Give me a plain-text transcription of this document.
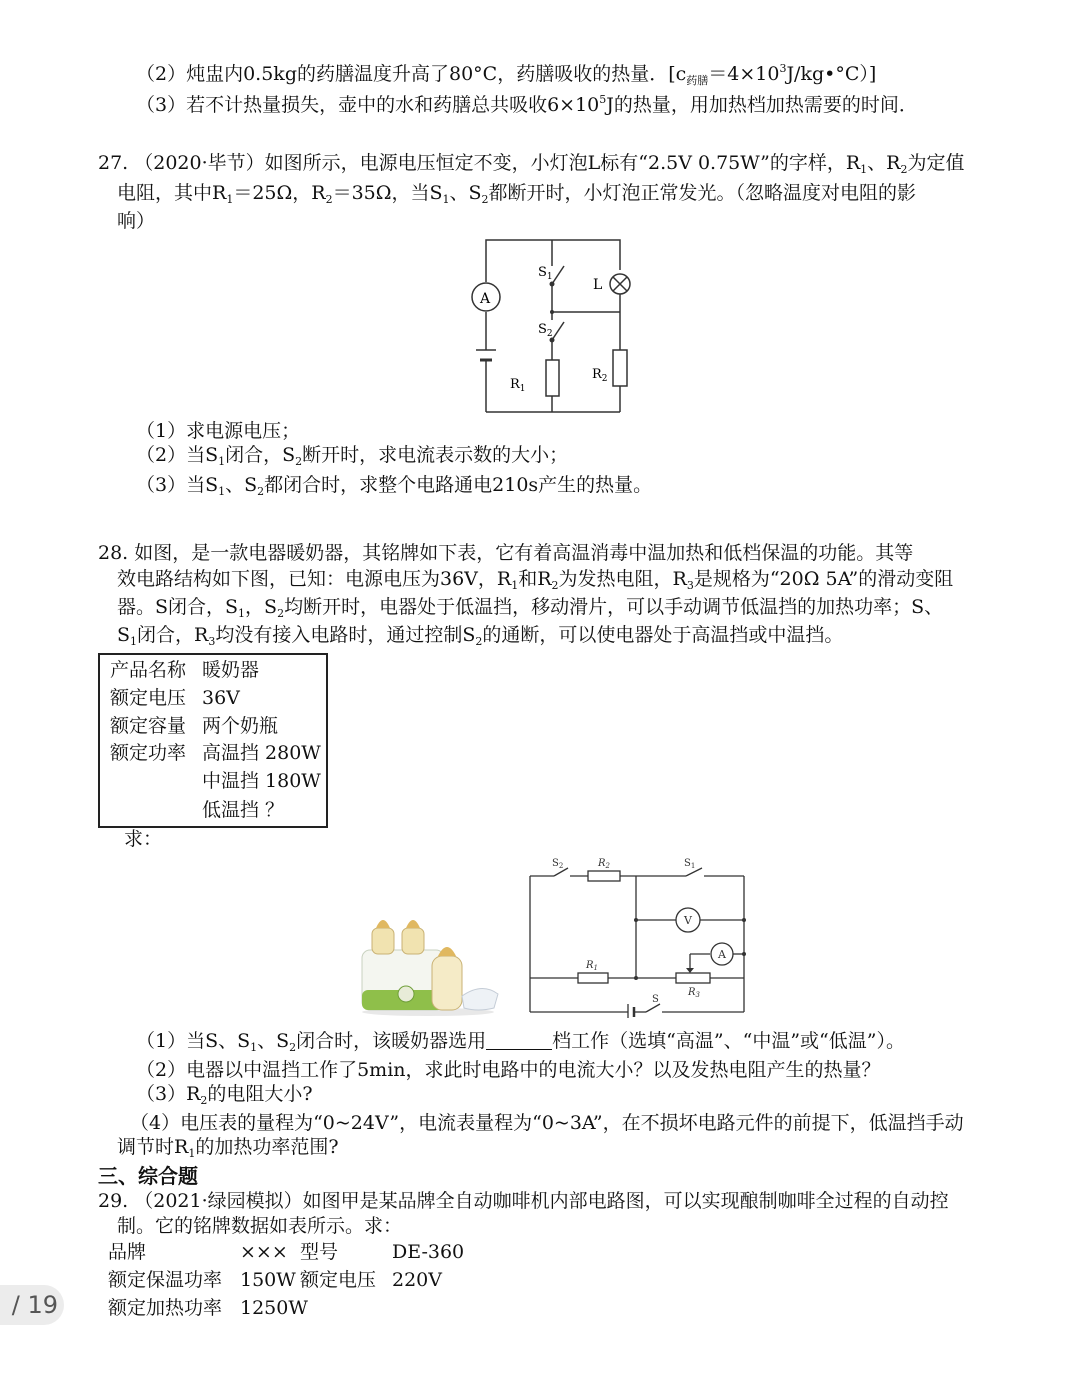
（2）炖盅内0.5kg的药膳温度升高了80°C，药膳吸收的热量．$[c_{药膳}=4\times 10^3J/kg•^\circ C)$]
（3）若不计热量损失，壶中的水和药膳总共吸收$6\times 10^5J$的热量，用加热档加热需要的时间．
27. （2020·毕节）如图所示，电源电压恒定不变，小灯泡L标有“2.5V 0.75W”的字样，$R_1$、$R_2$为定值
电阻，其中$R_1=25\Omega$，$R_2=35\Omega$，当$S_1$、$S_2$都断开时，小灯泡正常发光。（忽略温度对电阻的影
响）
A
$S_1$	L
$S_2$
$R_1$
$R_2$
（1）求电源电压；
（2）当$S_1$闭合，$S_2$断开时，求电流表示数的大小；
（3）当$S_1$、$S_2$都闭合时，求整个电路通电210s产生的热量。
28. 如图，是一款电器暖奶器，其铭牌如下表，它有着高温消毒中温加热和低档保温的功能。其等
效电路结构如下图，已知：电源电压为36V，$R_1$和$R_2$为发热电阻，$R_3$是规格为“20Ω 5A”的滑动变阻
器。S闭合，$S_1$，$S_2$均断开时，电器处于低温挡，移动滑片，可以手动调节低温挡的加热功率；S、
$S_1$闭合，$R_3$均没有接入电路时，通过控制$S_2$的通断，可以使电器处于高温挡或中温挡。
产品名称 暖奶器
额定电压 36V
额定容量 两个奶瓶
额定功率 高温挡 280W
中温挡 180W
低温挡 ？
求：
$S_2$	$R_2$	$S_1$
V
A
$R_1$
$R_3$
S
（1）当S、$S_1$、$S_2$闭合时，该暖奶器选用	档工作（选填“高温”、“中温”或“低温”）。
（2）电器以中温挡工作了5min，求此时电路中的电流大小？以及发热电阻产生的热量？
$(3)R_2$的电阻大小?
（4）电压表的量程为“0~24V”，电流表量程为“0~3A”，在不损坏电路元件的前提下，低温挡手动
调节时$R_1$的加热功率范围?
三、综合题
29. （2021·绿园模拟）如图甲是某品牌全自动咖啡机内部电路图，可以实现酿制咖啡全过程的自动控
制。它的铭牌数据如表所示。求：
品牌	××× 型号	DE-360
额定保温功率 150W 额定电压 220V
额定加热功率 1250W
/ 19
